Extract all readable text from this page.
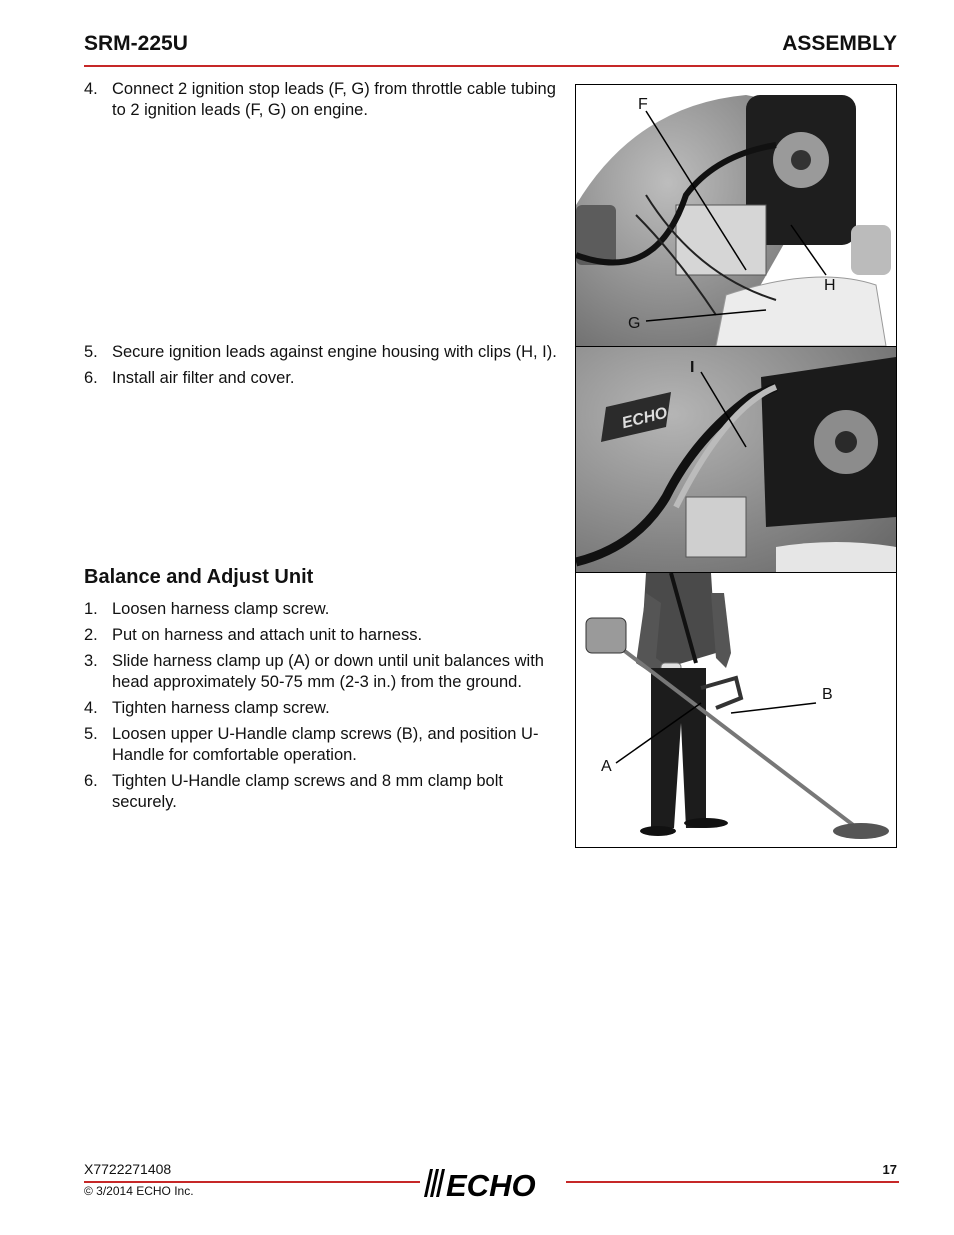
SRM-225U	ASSEMBLY
4. Connect 2 ignition stop leads (F, G) from throttle cable tubing to 2 ignition leads (F, G) on engine.
5. Secure ignition leads against engine housing with clips (H, I).
6. Install air filter and cover.
Balance and Adjust Unit
1. Loosen harness clamp screw.
2. Put on harness and attach unit to harness.
3. Slide harness clamp up (A) or down until unit balances with head approximately 50-75 mm (2-3 in.) from the ground.
4. Tighten harness clamp screw.
5. Loosen upper U-Handle clamp screws (B), and position U-Handle for comfortable operation.
6. Tighten U-Handle clamp screws and 8 mm clamp bolt securely.
F
G
H
ECHO
I
A
B
X7722271408
© 3/2014 ECHO Inc.
17
ECHO
